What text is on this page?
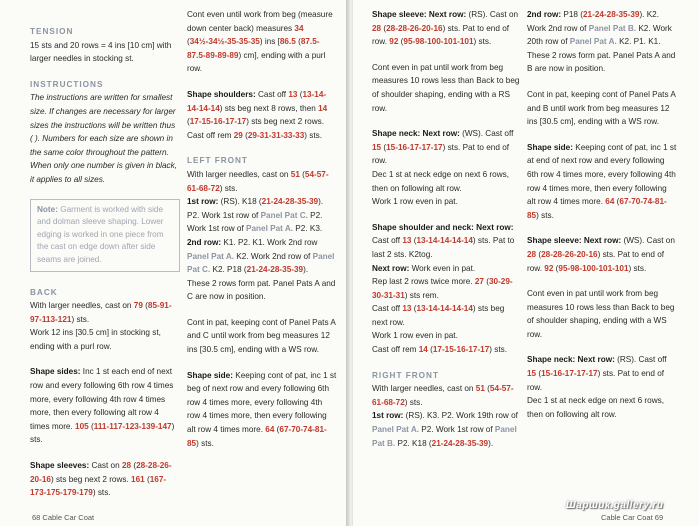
TENSION

15 sts and 20 rows = 4 ins [10 cm] with larger needles in stocking st.

INSTRUCTIONS

The instructions are written for smallest size. If changes are necessary for larger sizes the instructions will be written thus ( ). Numbers for each size are shown in the same color throughout the pattern. When only one number is given in black, it applies to all sizes.

Note: Garment is worked with side and dolman sleeve shaping. Lower edging is worked in one piece from the cast on edge down after side seams are joined.
BACK

With larger needles, cast on 79 (85-91-97-113-121) sts.

Work 12 ins [30.5 cm] in stocking st, ending with a purl row.

Shape sides: Inc 1 st each end of next row and every following 6th row 4 times more, every following 4th row 4 times more, then every following alt row 4 times more. 105 (111-117-123-139-147) sts.

Shape sleeves: Cast on 28 (28-28-26-20-16) sts beg next 2 rows. 161 (167-173-175-179-179) sts.

Cont even until work from beg (measure down center back) measures 34 (34½-34½-35-35-35) ins [86.5 (87.5-87.5-89-89-89) cm], ending with a purl row.

Shape shoulders: Cast off 13 (13-14-14-14-14) sts beg next 8 rows, then 14 (17-15-16-17-17) sts beg next 2 rows. Cast off rem 29 (29-31-31-33-33) sts.

LEFT FRONT

With larger needles, cast on 51 (54-57-61-68-72) sts.

1st row: (RS). K18 (21-24-28-35-39). P2. Work 1st row of Panel Pat C. P2. Work 1st row of Panel Pat A. P2. K3.

2nd row: K1. P2. K1. Work 2nd row Panel Pat A. K2. Work 2nd row of Panel Pat C. K2. P18 (21-24-28-35-39).

These 2 rows form pat. Panel Pats A and C are now in position.

Cont in pat, keeping cont of Panel Pats A and C until work from beg measures 12 ins [30.5 cm], ending with a WS row.

Shape side: Keeping cont of pat, inc 1 st beg of next row and every following 6th row 4 times more, every following 4th row 4 times more, then every following alt row 4 times more. 64 (67-70-74-81-85) sts.

Shape sleeve: Next row: (RS). Cast on 28 (28-28-26-20-16) sts. Pat to end of row. 92 (95-98-100-101-101) sts.

Cont even in pat until work from beg measures 10 rows less than Back to beg of shoulder shaping, ending with a RS row.

Shape neck: Next row: (WS). Cast off 15 (15-16-17-17-17) sts. Pat to end of row.

Dec 1 st at neck edge on next 6 rows, then on following alt row.

Work 1 row even in pat.

Shape shoulder and neck: Next row:

Cast off 13 (13-14-14-14-14) sts. Pat to last 2 sts. K2tog.

Next row: Work even in pat.

Rep last 2 rows twice more. 27 (30-29-30-31-31) sts rem.

Cast off 13 (13-14-14-14-14) sts beg next row.

Work 1 row even in pat.

Cast off rem 14 (17-15-16-17-17) sts.

RIGHT FRONT

With larger needles, cast on 51 (54-57-61-68-72) sts.

1st row: (RS). K3. P2. Work 19th row of Panel Pat A. P2. Work 1st row of Panel Pat B. P2. K18 (21-24-28-35-39).

2nd row: P18 (21-24-28-35-39). K2. Work 2nd row of Panel Pat B. K2. Work 20th row of Panel Pat A. K2. P1. K1.

These 2 rows form pat. Panel Pats A and B are now in position.

Cont in pat, keeping cont of Panel Pats A and B until work from beg measures 12 ins [30.5 cm], ending with a WS row.

Shape side: Keeping cont of pat, inc 1 st at end of next row and every following 6th row 4 times more, every following 4th row 4 times more, then every following alt row 4 times more. 64 (67-70-74-81-85) sts.

Shape sleeve: Next row: (WS). Cast on 28 (28-28-26-20-16) sts. Pat to end of row. 92 (95-98-100-101-101) sts.

Cont even in pat until work from beg measures 10 rows less than Back to beg of shoulder shaping, ending with a WS row.

Shape neck: Next row: (RS). Cast off 15 (15-16-17-17-17) sts. Pat to end of row.

Dec 1 st at neck edge on next 6 rows, then on following alt row.

68 Cable Car Coat	Cable Car Coat 69
Шаршик.gallery.ru
